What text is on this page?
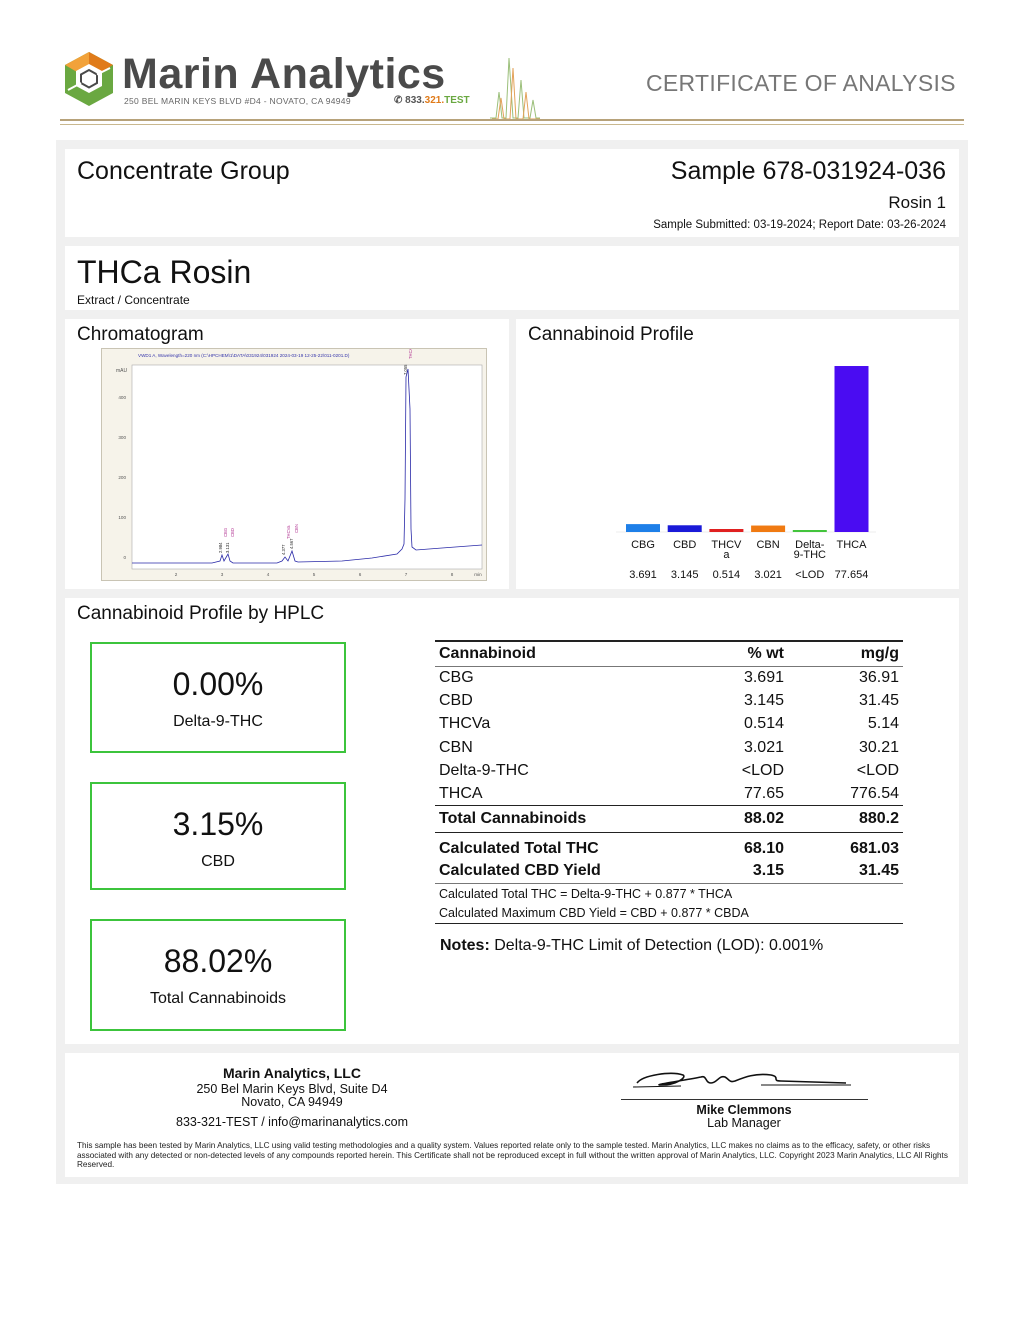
Marin Analytics
250 BEL MARIN KEYS BLVD #D4 - NOVATO, CA 94949	✆ 833.321.TEST
CERTIFICATE OF ANALYSIS
Concentrate Group	Sample 678-031924-036
Rosin 1
Sample Submitted: 03-19-2024; Report Date: 03-26-2024
THCa Rosin
Extract / Concentrate
Chromatogram
VWD1 A, Wavelength=220 nm (C:\HPCHEM\1\DATA\031924\031924 2024-03-19 12-25-22\011-0201.D)
mAU
400
300
200
100
0
2	3	4	5	6	7	8	min
2.984
CBG
3.131
CBD
4.377
THCVa
4.567
CBN
7.055
THCA
Cannabinoid Profile
CBG
3.691
CBD
3.145
THCV
a
0.514
CBN
3.021
Delta-
9-THC
<LOD
THCA
77.654
Cannabinoid Profile by HPLC
0.00%
Delta-9-THC
3.15%
CBD
88.02%
Total Cannabinoids
Cannabinoid	% wt	mg/g
CBG	3.691	36.91
CBD	3.145	31.45
THCVa	0.514	5.14
CBN	3.021	30.21
Delta-9-THC	<LOD	<LOD
THCA	77.65	776.54
Total Cannabinoids	88.02	880.2
Calculated Total THC	68.10	681.03
Calculated CBD Yield	3.15	31.45
Calculated Total THC = Delta-9-THC + 0.877 * THCA		
Calculated Maximum CBD Yield = CBD + 0.877 * CBDA		
Notes: Delta-9-THC Limit of Detection (LOD): 0.001%
Marin Analytics, LLC
250 Bel Marin Keys Blvd, Suite D4
Novato, CA 94949
833-321-TEST / info@marinanalytics.com
Mike Clemmons
Lab Manager
This sample has been tested by Marin Analytics, LLC using valid testing methodologies and a quality system. Values reported relate only to the sample tested. Marin Analytics, LLC makes no claims as to the efficacy, safety, or other risks associated with any detected or non-detected levels of any compounds reported herein. This Certificate shall not be reproduced except in full without the written approval of Marin Analytics, LLC. Copyright 2023 Marin Analytics, LLC All Rights Reserved.
